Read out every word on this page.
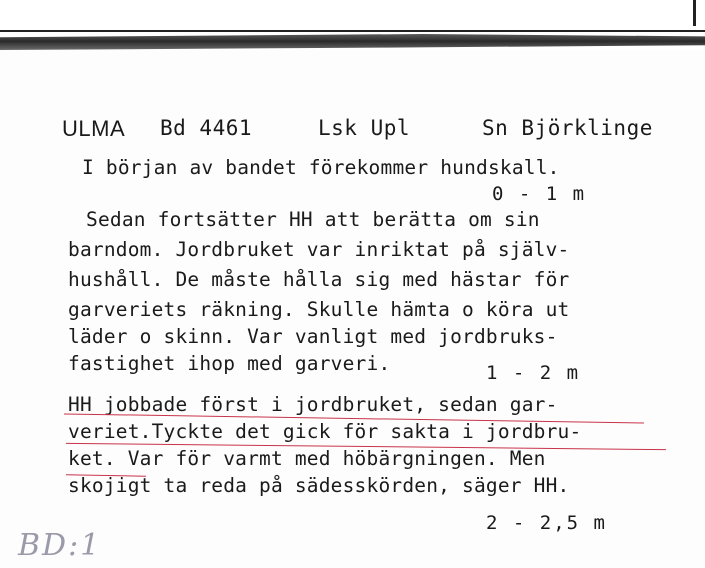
ULMA Bd 4461	Lsk Upl	Sn Björklinge
I början av bandet förekommer hundskall.
0 - 1 m
Sedan fortsätter HH att berätta om sin
barndom. Jordbruket var inriktat på själv-
hushåll. De måste hålla sig med hästar för
garveriets räkning. Skulle hämta o köra ut
läder o skinn. Var vanligt med jordbruks-
fastighet ihop med garveri.	1 - 2 m
HH jobbade först i jordbruket, sedan gar-
veriet.Tyckte det gick för sakta i jordbru-
ket. Var för varmt med höbärgningen. Men
skojigt ta reda på sädesskörden, säger HH.
2 - 2,5 m
BD:1
